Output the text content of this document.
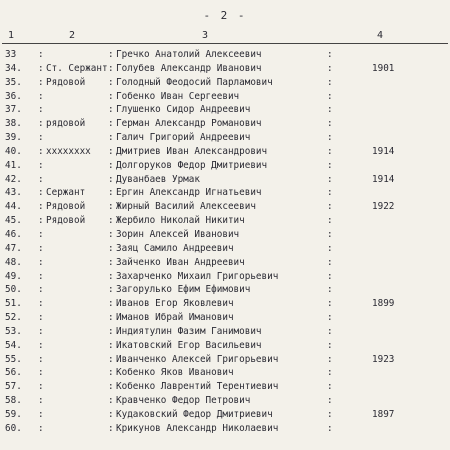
- 2 -
1	2	3	4
33 :	: Гречко Анатолий Алексеевич	:
34. : Ст. Сержант : Голубев Александр Иванович	:	1901
35. : Рядовой : Голодный Феодосий Парламович	:
36. :	: Гобенко Иван Сергеевич	:
37. :	: Глушенко Сидор Андреевич	:
38. : рядовой : Герман Александр Романович	:
39. :	: Галич Григорий Андреевич	:
40. : хххххххх : Дмитриев Иван Александрович	:	1914
41. :	: Долгоруков Федор Дмитриевич	:
42. :	: Дуванбаев Урмак	:	1914
43. : Сержант : Ергин Александр Игнатьевич	:
44. : Рядовой : Жирный Василий Алексеевич	:	1922
45. : Рядовой : Жербило Николай Никитич	:
46. :	: Зорин Алексей Иванович	:
47. :	: Заяц Самило Андреевич	:
48. :	: Зайченко Иван Андреевич	:
49. :	: Захарченко Михаил Григорьевич	:
50. :	: Загорулько Ефим Ефимович	:
51. :	: Иванов Егор Яковлевич	:	1899
52. :	: Иманов Ибрай Иманович	:
53. :	: Индиятулин Фазим Ганимович	:
54. :	: Икатовский Егор Васильевич	:
55. :	: Иванченко Алексей Григорьевич	:	1923
56. :	: Кобенко Яков Иванович	:
57. :	: Кобенко Лаврентий Терентиевич	:
58. :	: Кравченко Федор Петрович	:
59. :	: Кудаковский Федор Дмитриевич	:	1897
60. :	: Крикунов Александр Николаевич	:
